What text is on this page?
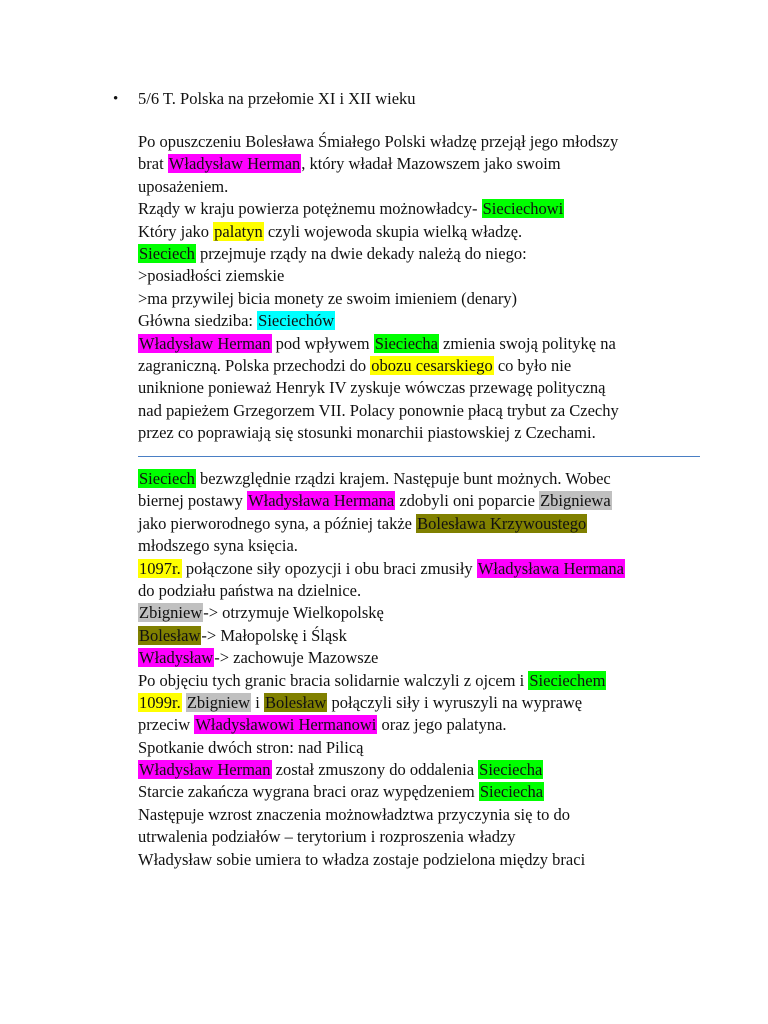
• 5/6 T. Polska na przełomie XI i XII wieku
Po opuszczeniu Bolesława Śmiałego Polski władzę przejął jego młodszy
brat Władysław Herman, który władał Mazowszem jako swoim
uposażeniem.
Rządy w kraju powierza potężnemu możnowładcy- Sieciechowi
Który jako palatyn czyli wojewoda skupia wielką władzę.
Sieciech przejmuje rządy na dwie dekady należą do niego:
>posiadłości ziemskie
>ma przywilej bicia monety ze swoim imieniem (denary)
Główna siedziba: Sieciechów
Władysław Herman pod wpływem Sieciecha zmienia swoją politykę na
zagraniczną. Polska przechodzi do obozu cesarskiego co było nie
uniknione ponieważ Henryk IV zyskuje wówczas przewagę polityczną
nad papieżem Grzegorzem VII. Polacy ponownie płacą trybut za Czechy
przez co poprawiają się stosunki monarchii piastowskiej z Czechami.
Sieciech bezwzględnie rządzi krajem. Następuje bunt możnych. Wobec
biernej postawy Władysława Hermana zdobyli oni poparcie Zbigniewa
jako pierworodnego syna, a później także Bolesława Krzywoustego
młodszego syna księcia.
1097r. połączone siły opozycji i obu braci zmusiły Władysława Hermana
do podziału państwa na dzielnice.
Zbigniew-> otrzymuje Wielkopolskę
Bolesław-> Małopolskę i Śląsk
Władysław-> zachowuje Mazowsze
Po objęciu tych granic bracia solidarnie walczyli z ojcem i Sieciechem
1099r. Zbigniew i Bolesław połączyli siły i wyruszyli na wyprawę
przeciw Władysławowi Hermanowi oraz jego palatyna.
Spotkanie dwóch stron: nad Pilicą
Władysław Herman został zmuszony do oddalenia Sieciecha
Starcie zakańcza wygrana braci oraz wypędzeniem Sieciecha
Następuje wzrost znaczenia możnowładztwa przyczynia się to do
utrwalenia podziałów – terytorium i rozproszenia władzy
Władysław sobie umiera to władza zostaje podzielona między braci
